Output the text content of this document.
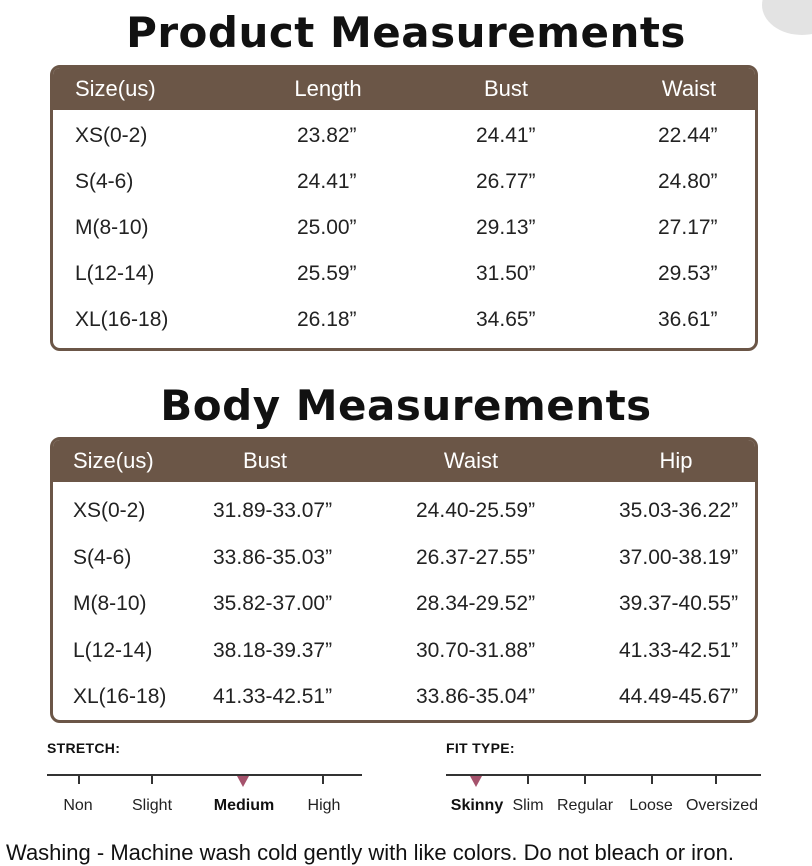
Product Measurements
Size(us)	Length	Bust	Waist
XS(0-2)	23.82”	24.41”	22.44”
S(4-6)	24.41”	26.77”	24.80”
M(8-10)	25.00”	29.13”	27.17”
L(12-14)	25.59”	31.50”	29.53”
XL(16-18)	26.18”	34.65”	36.61”
Body Measurements
Size(us)	Bust	Waist	Hip
XS(0-2)	31.89-33.07”	24.40-25.59”	35.03-36.22”
S(4-6)	33.86-35.03”	26.37-27.55”	37.00-38.19”
M(8-10)	35.82-37.00”	28.34-29.52”	39.37-40.55”
L(12-14)	38.18-39.37”	30.70-31.88”	41.33-42.51”
XL(16-18) 41.33-42.51”	33.86-35.04”	44.49-45.67”
STRETCH:
Non Slight	Medium High
FIT TYPE:
Skinny Slim Regular Loose Oversized
Washing - Machine wash cold gently with like colors. Do not bleach or iron.
